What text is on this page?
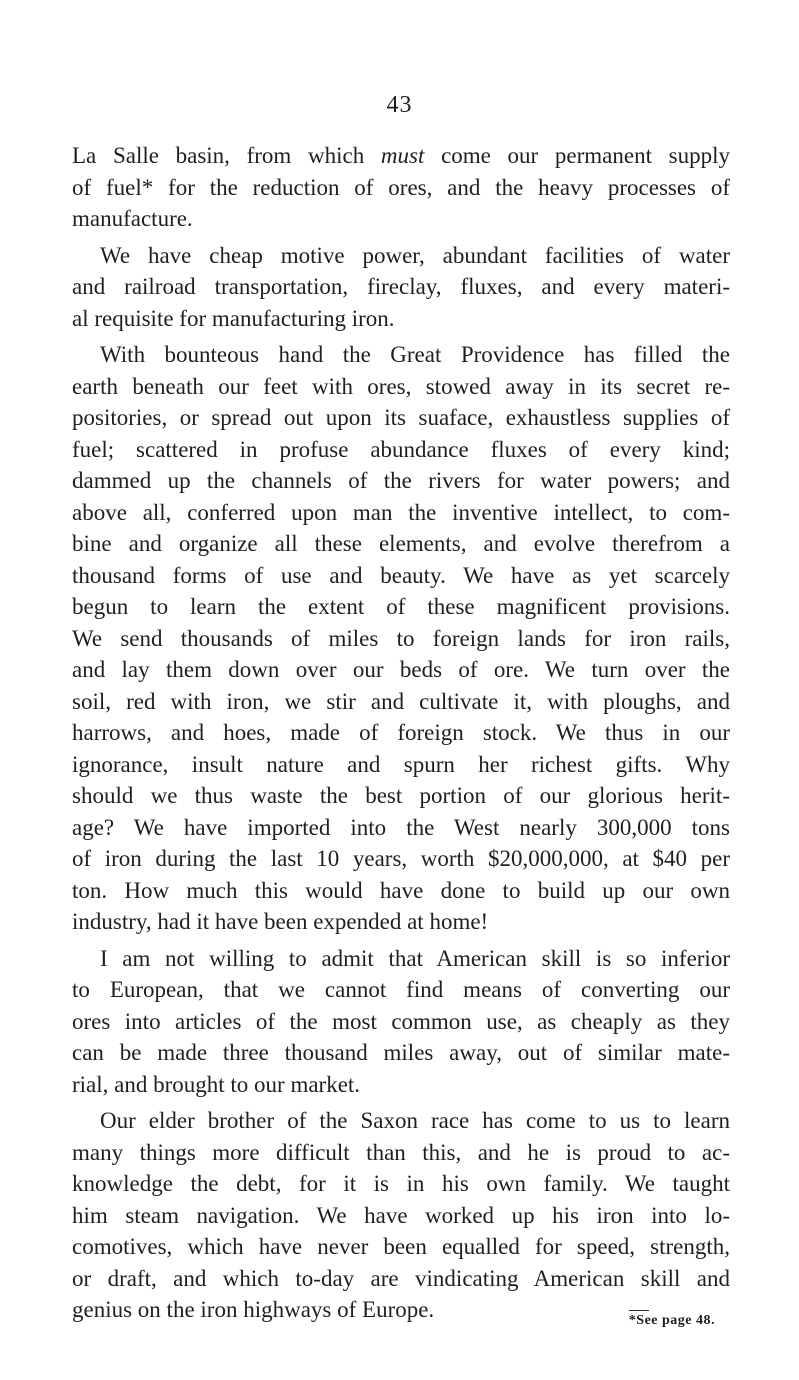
43
La Salle basin, from which must come our permanent supply
of fuel* for the reduction of ores, and the heavy processes of
manufacture.
We have cheap motive power, abundant facilities of water
and railroad transportation, fireclay, fluxes, and every materi-
al requisite for manufacturing iron.
With bounteous hand the Great Providence has filled the
earth beneath our feet with ores, stowed away in its secret re-
positories, or spread out upon its suaface, exhaustless supplies of
fuel; scattered in profuse abundance fluxes of every kind;
dammed up the channels of the rivers for water powers; and
above all, conferred upon man the inventive intellect, to com-
bine and organize all these elements, and evolve therefrom a
thousand forms of use and beauty. We have as yet scarcely
begun to learn the extent of these magnificent provisions.
We send thousands of miles to foreign lands for iron rails,
and lay them down over our beds of ore. We turn over the
soil, red with iron, we stir and cultivate it, with ploughs, and
harrows, and hoes, made of foreign stock. We thus in our
ignorance, insult nature and spurn her richest gifts. Why
should we thus waste the best portion of our glorious herit-
age? We have imported into the West nearly 300,000 tons
of iron during the last 10 years, worth $20,000,000, at $40 per
ton. How much this would have done to build up our own
industry, had it have been expended at home!
I am not willing to admit that American skill is so inferior
to European, that we cannot find means of converting our
ores into articles of the most common use, as cheaply as they
can be made three thousand miles away, out of similar mate-
rial, and brought to our market.
Our elder brother of the Saxon race has come to us to learn
many things more difficult than this, and he is proud to ac-
knowledge the debt, for it is in his own family. We taught
him steam navigation. We have worked up his iron into lo-
comotives, which have never been equalled for speed, strength,
or draft, and which to-day are vindicating American skill and
genius on the iron highways of Europe.	*See page 48.
